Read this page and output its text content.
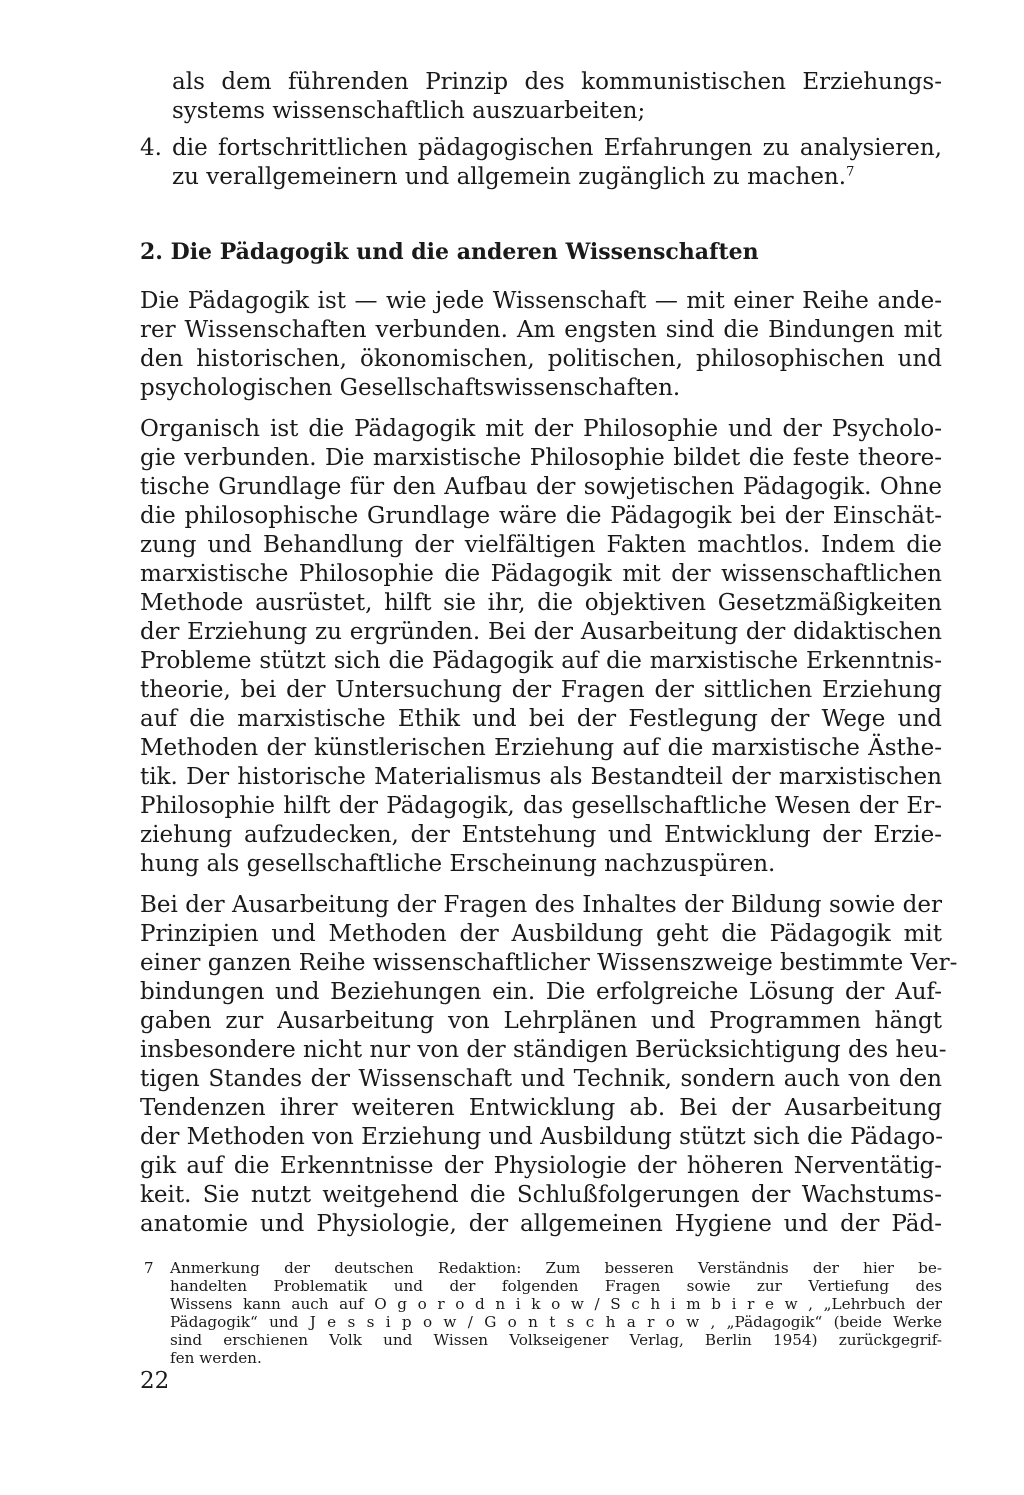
als dem führenden Prinzip des kommunistischen Erziehungs-
systems wissenschaftlich auszuarbeiten;
4. die fortschrittlichen pädagogischen Erfahrungen zu analysieren,
zu verallgemeinern und allgemein zugänglich zu machen.$^7$
2. Die Pädagogik und die anderen Wissenschaften
Die Pädagogik ist — wie jede Wissenschaft — mit einer Reihe ande-
rer Wissenschaften verbunden. Am engsten sind die Bindungen mit
den historischen, ökonomischen, politischen, philosophischen und
psychologischen Gesellschaftswissenschaften.
Organisch ist die Pädagogik mit der Philosophie und der Psycholo-
gie verbunden. Die marxistische Philosophie bildet die feste theore-
tische Grundlage für den Aufbau der sowjetischen Pädagogik. Ohne
die philosophische Grundlage wäre die Pädagogik bei der Einschät-
zung und Behandlung der vielfältigen Fakten machtlos. Indem die
marxistische Philosophie die Pädagogik mit der wissenschaftlichen
Methode ausrüstet, hilft sie ihr, die objektiven Gesetzmäßigkeiten
der Erziehung zu ergründen. Bei der Ausarbeitung der didaktischen
Probleme stützt sich die Pädagogik auf die marxistische Erkenntnis-
theorie, bei der Untersuchung der Fragen der sittlichen Erziehung
auf die marxistische Ethik und bei der Festlegung der Wege und
Methoden der künstlerischen Erziehung auf die marxistische Ästhe-
tik. Der historische Materialismus als Bestandteil der marxistischen
Philosophie hilft der Pädagogik, das gesellschaftliche Wesen der Er-
ziehung aufzudecken, der Entstehung und Entwicklung der Erzie-
hung als gesellschaftliche Erscheinung nachzuspüren.
Bei der Ausarbeitung der Fragen des Inhaltes der Bildung sowie der
Prinzipien und Methoden der Ausbildung geht die Pädagogik mit
einer ganzen Reihe wissenschaftlicher Wissenszweige bestimmte Ver-
bindungen und Beziehungen ein. Die erfolgreiche Lösung der Auf-
gaben zur Ausarbeitung von Lehrplänen und Programmen hängt
insbesondere nicht nur von der ständigen Berücksichtigung des heu-
tigen Standes der Wissenschaft und Technik, sondern auch von den
Tendenzen ihrer weiteren Entwicklung ab. Bei der Ausarbeitung
der Methoden von Erziehung und Ausbildung stützt sich die Pädago-
gik auf die Erkenntnisse der Physiologie der höheren Nerventätig-
keit. Sie nutzt weitgehend die Schlußfolgerungen der Wachstums-
anatomie und Physiologie, der allgemeinen Hygiene und der Päd-
7 Anmerkung der deutschen Redaktion: Zum besseren Verständnis der hier be-
handelten Problematik und der folgenden Fragen sowie zur Vertiefung des
Wissens kann auch auf O g o r o d n i k o w / S c h i m b i r e w , „Lehrbuch der
Pädagogik“ und J e s s i p o w / G o n t s c h a r o w , „Pädagogik“ (beide Werke
sind erschienen Volk und Wissen Volkseigener Verlag, Berlin 1954) zurückgegrif-
fen werden.
22
